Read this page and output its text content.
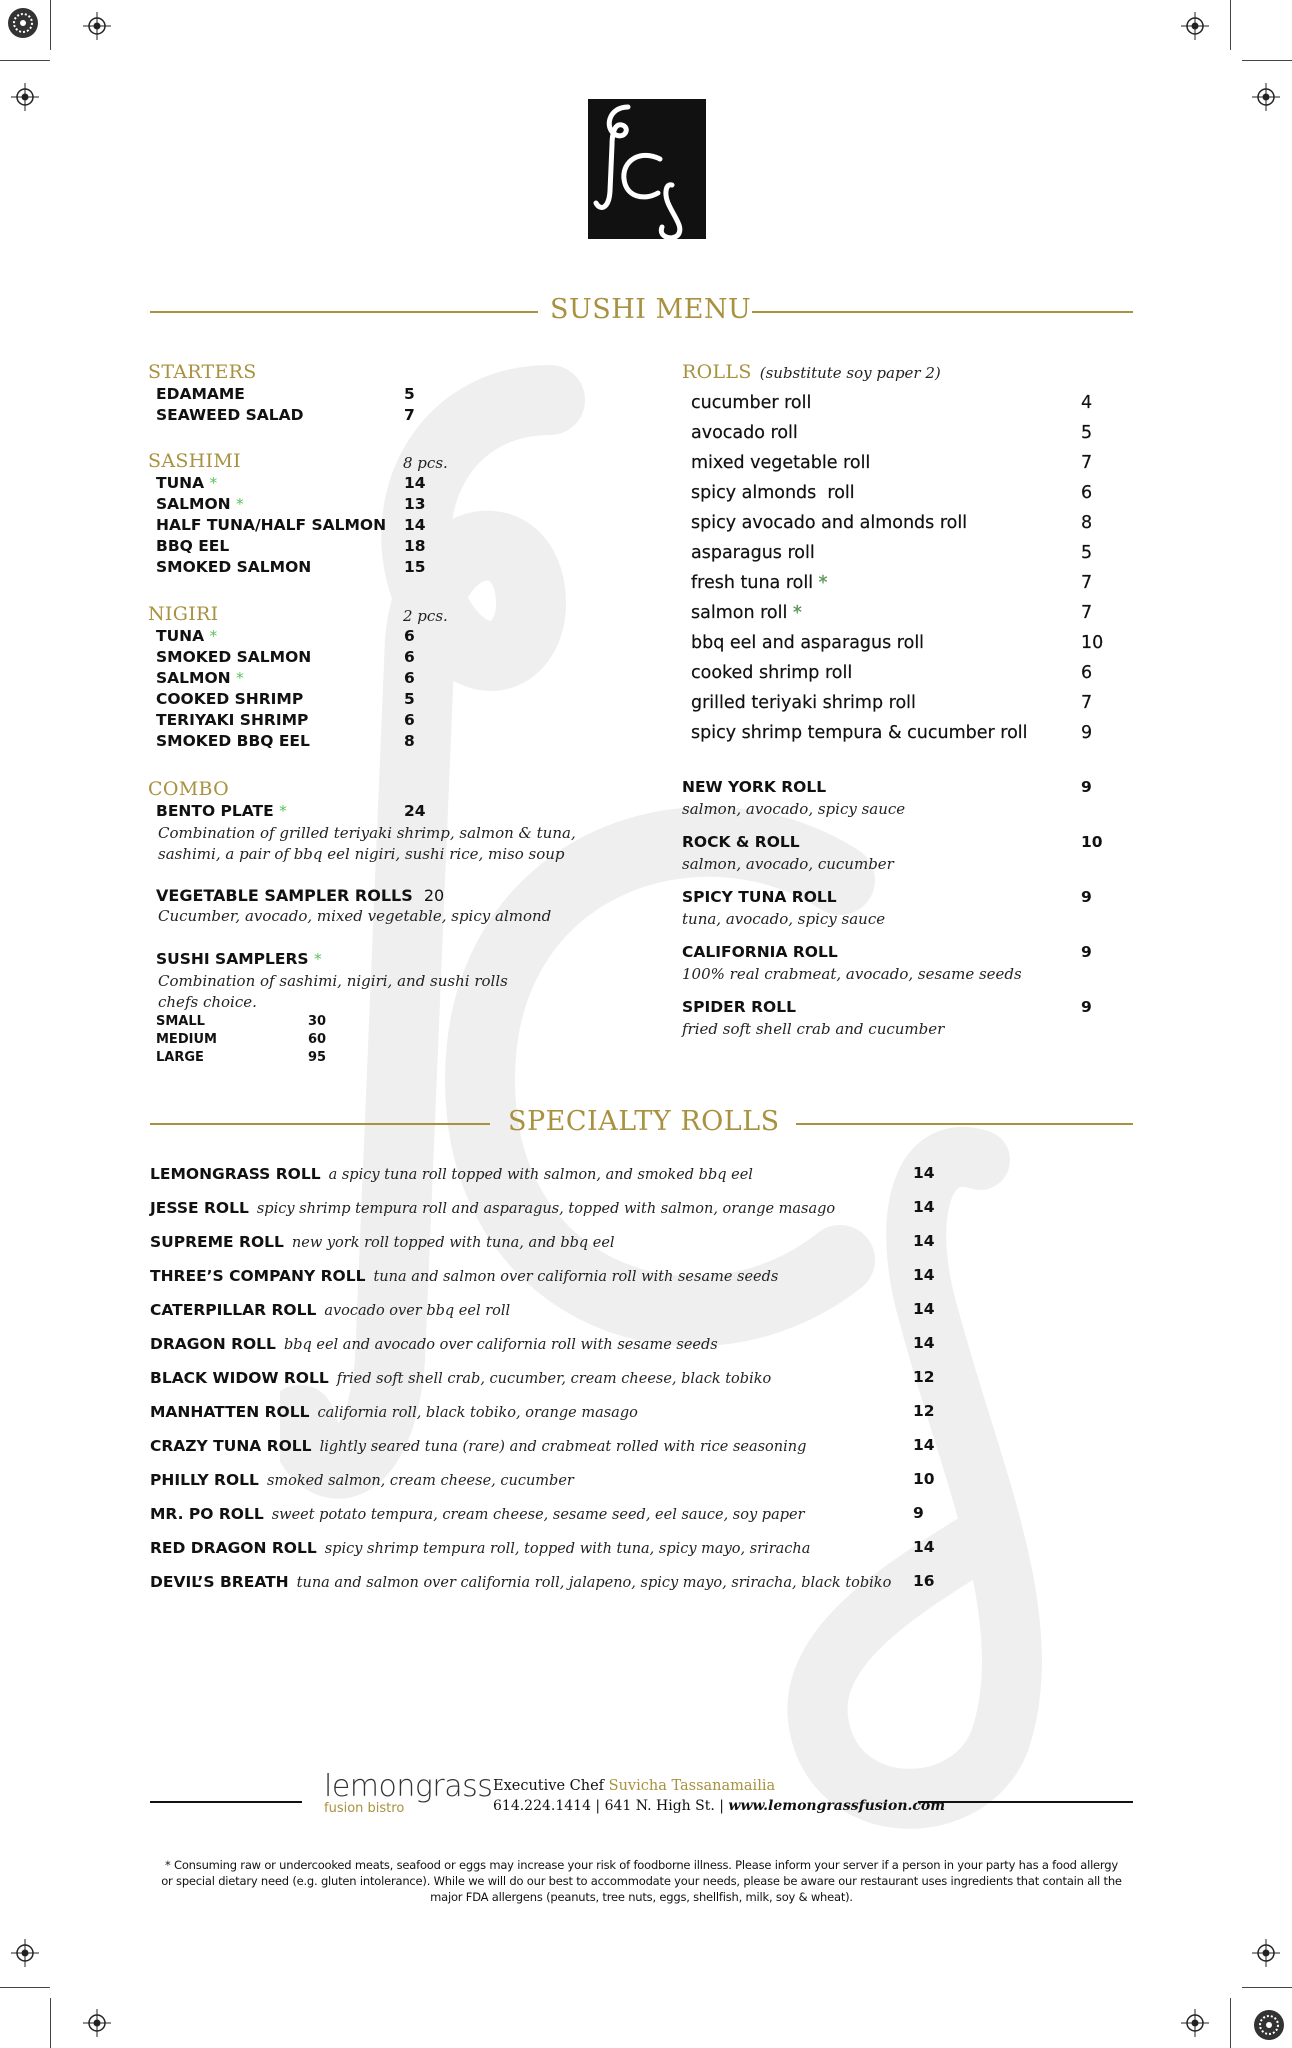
SUSHI MENU
STARTERS
EDAMAME	5
SEAWEED SALAD	7
SASHIMI	8 pcs.
TUNA *	14
SALMON *	13
HALF TUNA/HALF SALMON 14
BBQ EEL	18
SMOKED SALMON	15
NIGIRI	2 pcs.
TUNA *	6
SMOKED SALMON	6
SALMON *	6
COOKED SHRIMP	5
TERIYAKI SHRIMP	6
SMOKED BBQ EEL	8
COMBO
BENTO PLATE *	24
Combination of grilled teriyaki shrimp, salmon & tuna,
sashimi, a pair of bbq eel nigiri, sushi rice, miso soup
VEGETABLE SAMPLER ROLLS 20
Cucumber, avocado, mixed vegetable, spicy almond
SUSHI SAMPLERS *
Combination of sashimi, nigiri, and sushi rolls
chefs choice.
SMALL	30
MEDIUM	60
LARGE	95
ROLLS (substitute soy paper 2)
cucumber roll	4
avocado roll	5
mixed vegetable roll	7
spicy almonds  roll	6
spicy avocado and almonds roll	8
asparagus roll	5
fresh tuna roll *	7
salmon roll *	7
bbq eel and asparagus roll	10
cooked shrimp roll	6
grilled teriyaki shrimp roll	7
spicy shrimp tempura & cucumber roll	9
NEW YORK ROLL	9
salmon, avocado, spicy sauce
ROCK & ROLL	10
salmon, avocado, cucumber
SPICY TUNA ROLL	9
tuna, avocado, spicy sauce
CALIFORNIA ROLL	9
100% real crabmeat, avocado, sesame seeds
SPIDER ROLL	9
fried soft shell crab and cucumber
SPECIALTY ROLLS
LEMONGRASS ROLL a spicy tuna roll topped with salmon, and smoked bbq eel	14
JESSE ROLL spicy shrimp tempura roll and asparagus, topped with salmon, orange masago	14
SUPREME ROLL new york roll topped with tuna, and bbq eel	14
THREE’S COMPANY ROLL tuna and salmon over california roll with sesame seeds	14
CATERPILLAR ROLL avocado over bbq eel roll	14
DRAGON ROLL bbq eel and avocado over california roll with sesame seeds	14
BLACK WIDOW ROLL fried soft shell crab, cucumber, cream cheese, black tobiko	12
MANHATTEN ROLL california roll, black tobiko, orange masago	12
CRAZY TUNA ROLL lightly seared tuna (rare) and crabmeat rolled with rice seasoning	14
PHILLY ROLL smoked salmon, cream cheese, cucumber	10
MR. PO ROLL sweet potato tempura, cream cheese, sesame seed, eel sauce, soy paper	9
RED DRAGON ROLL spicy shrimp tempura roll, topped with tuna, spicy mayo, sriracha	14
DEVIL’S BREATH tuna and salmon over california roll, jalapeno, spicy mayo, sriracha, black tobiko 16
lemongrass
fusion bistro
Executive Chef Suvicha Tassanamailia
614.224.1414 | 641 N. High St. | www.lemongrassfusion.com
* Consuming raw or undercooked meats, seafood or eggs may increase your risk of foodborne illness. Please inform your server if a person in your party has a food allergy
or special dietary need (e.g. gluten intolerance). While we will do our best to accommodate your needs, please be aware our restaurant uses ingredients that contain all the
major FDA allergens (peanuts, tree nuts, eggs, shellfish, milk, soy & wheat).
